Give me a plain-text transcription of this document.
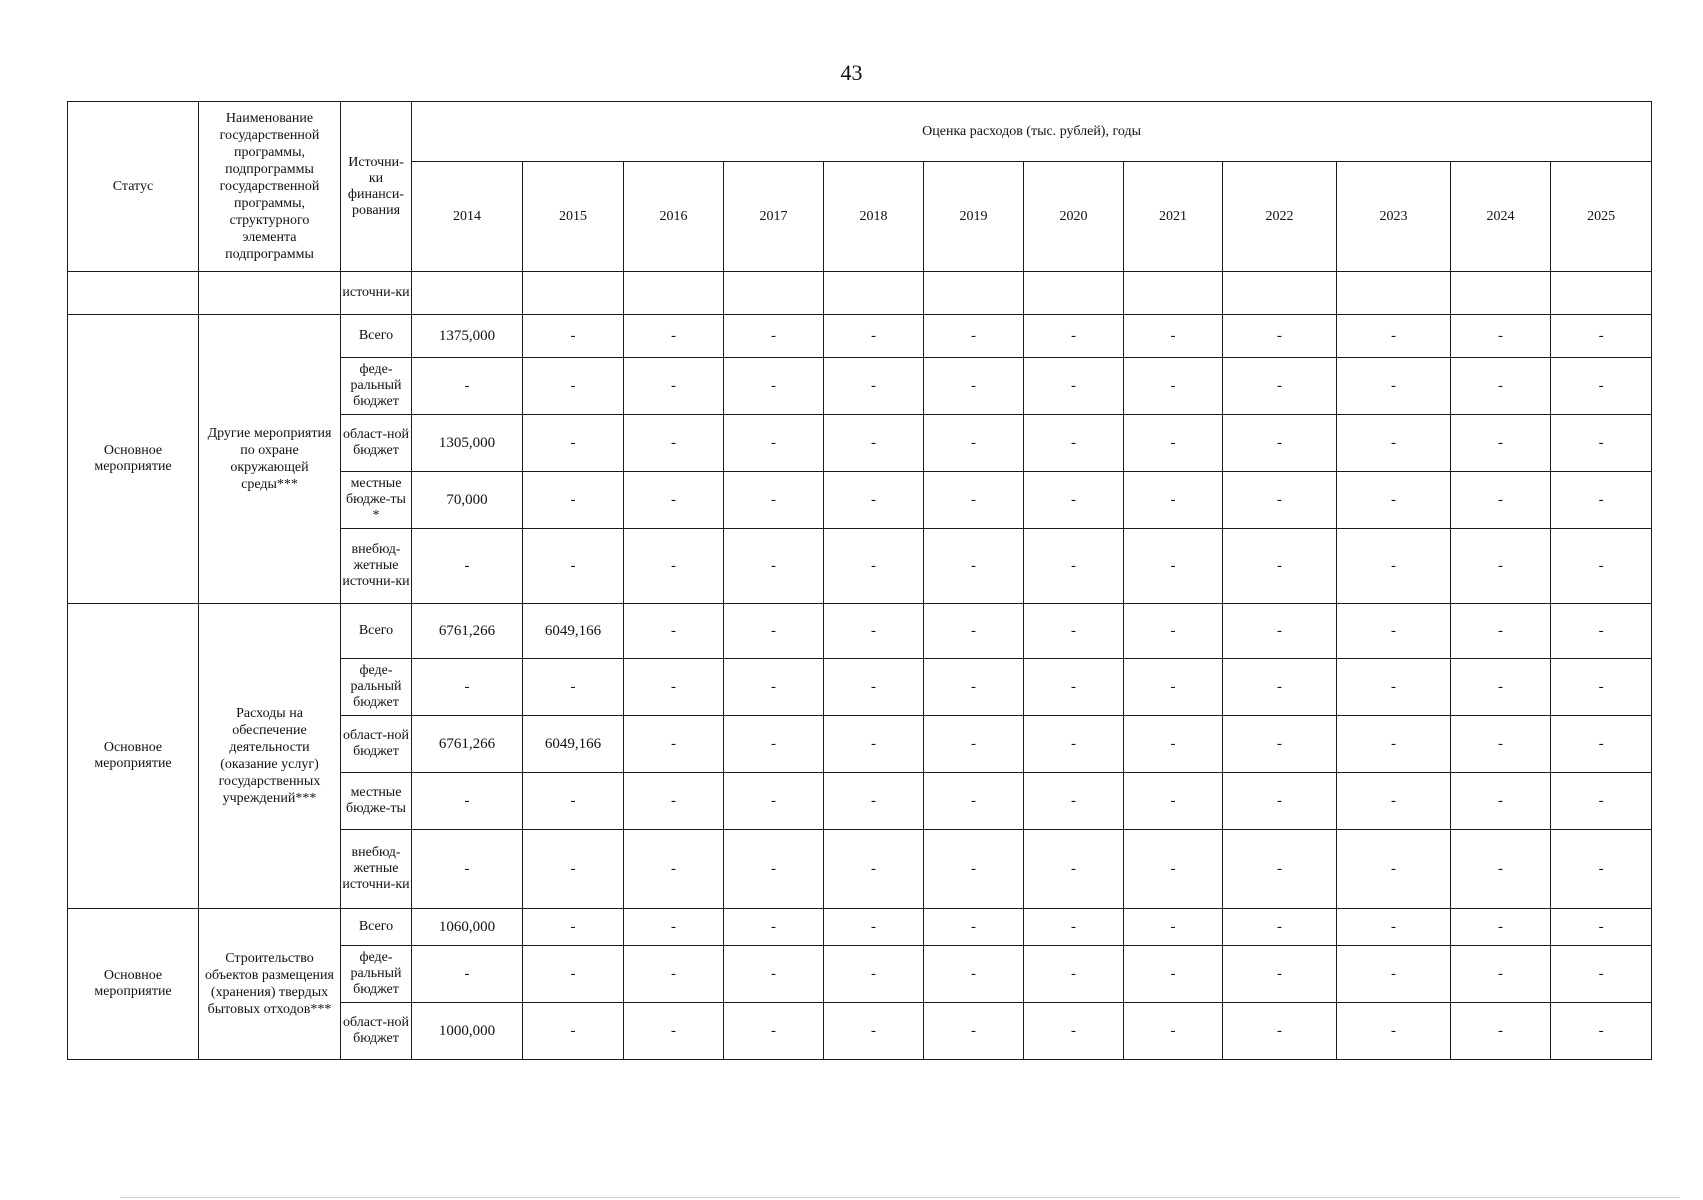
43
Статус	Наименование государственной программы, подпрограммы государственной программы, структурного элемента подпрограммы	Источни-ки финанси-рования	Оценка расходов (тыс. рублей), годы											
			2014	2015	2016	2017	2018	2019	2020	2021	2022	2023	2024	2025
		источни-ки												
Основное мероприятие	Другие мероприятия по охране окружающей среды***	Всего	1375,000	-	-	-	-	-	-	-	-	-	-	-
		феде-ральный бюджет	-	-	-	-	-	-	-	-	-	-	-	-
		област-ной бюджет	1305,000	-	-	-	-	-	-	-	-	-	-	-
		местные бюдже-ты *	70,000	-	-	-	-	-	-	-	-	-	-	-
		внебюд-жетные источни-ки	-	-	-	-	-	-	-	-	-	-	-	-
Основное мероприятие	Расходы на обеспечение деятельности (оказание услуг) государственных учреждений***	Всего	6761,266	6049,166	-	-	-	-	-	-	-	-	-	-
		феде-ральный бюджет	-	-	-	-	-	-	-	-	-	-	-	-
		област-ной бюджет	6761,266	6049,166	-	-	-	-	-	-	-	-	-	-
		местные бюдже-ты	-	-	-	-	-	-	-	-	-	-	-	-
		внебюд-жетные источни-ки	-	-	-	-	-	-	-	-	-	-	-	-
Основное мероприятие	Строительство объектов размещения (хранения) твердых бытовых отходов***	Всего	1060,000	-	-	-	-	-	-	-	-	-	-	-
		феде-ральный бюджет	-	-	-	-	-	-	-	-	-	-	-	-
		област-ной бюджет	1000,000	-	-	-	-	-	-	-	-	-	-	-
